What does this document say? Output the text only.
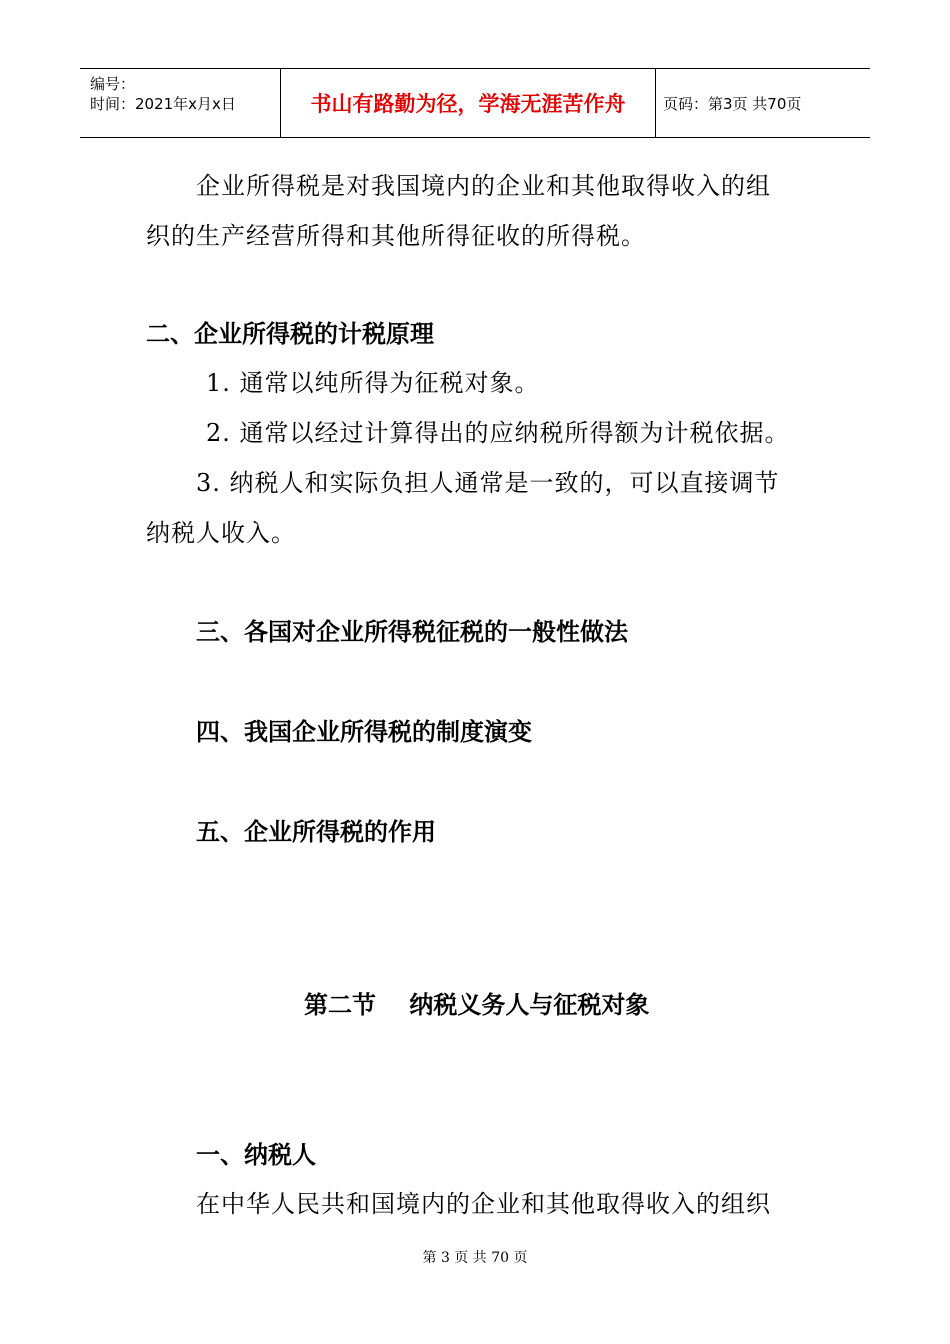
编号：
时间：2021年x月x日	书山有路勤为径，学海无涯苦作舟	页码：第3页 共70页
企业所得税是对我国境内的企业和其他取得收入的组
织的生产经营所得和其他所得征收的所得税。
二、企业所得税的计税原理
1. 通常以纯所得为征税对象。
2. 通常以经过计算得出的应纳税所得额为计税依据。
3. 纳税人和实际负担人通常是一致的，可以直接调节
纳税人收入。
三、各国对企业所得税征税的一般性做法
四、我国企业所得税的制度演变
五、企业所得税的作用
第二节    纳税义务人与征税对象
一、纳税人
在中华人民共和国境内的企业和其他取得收入的组织
第 3 页 共 70 页
